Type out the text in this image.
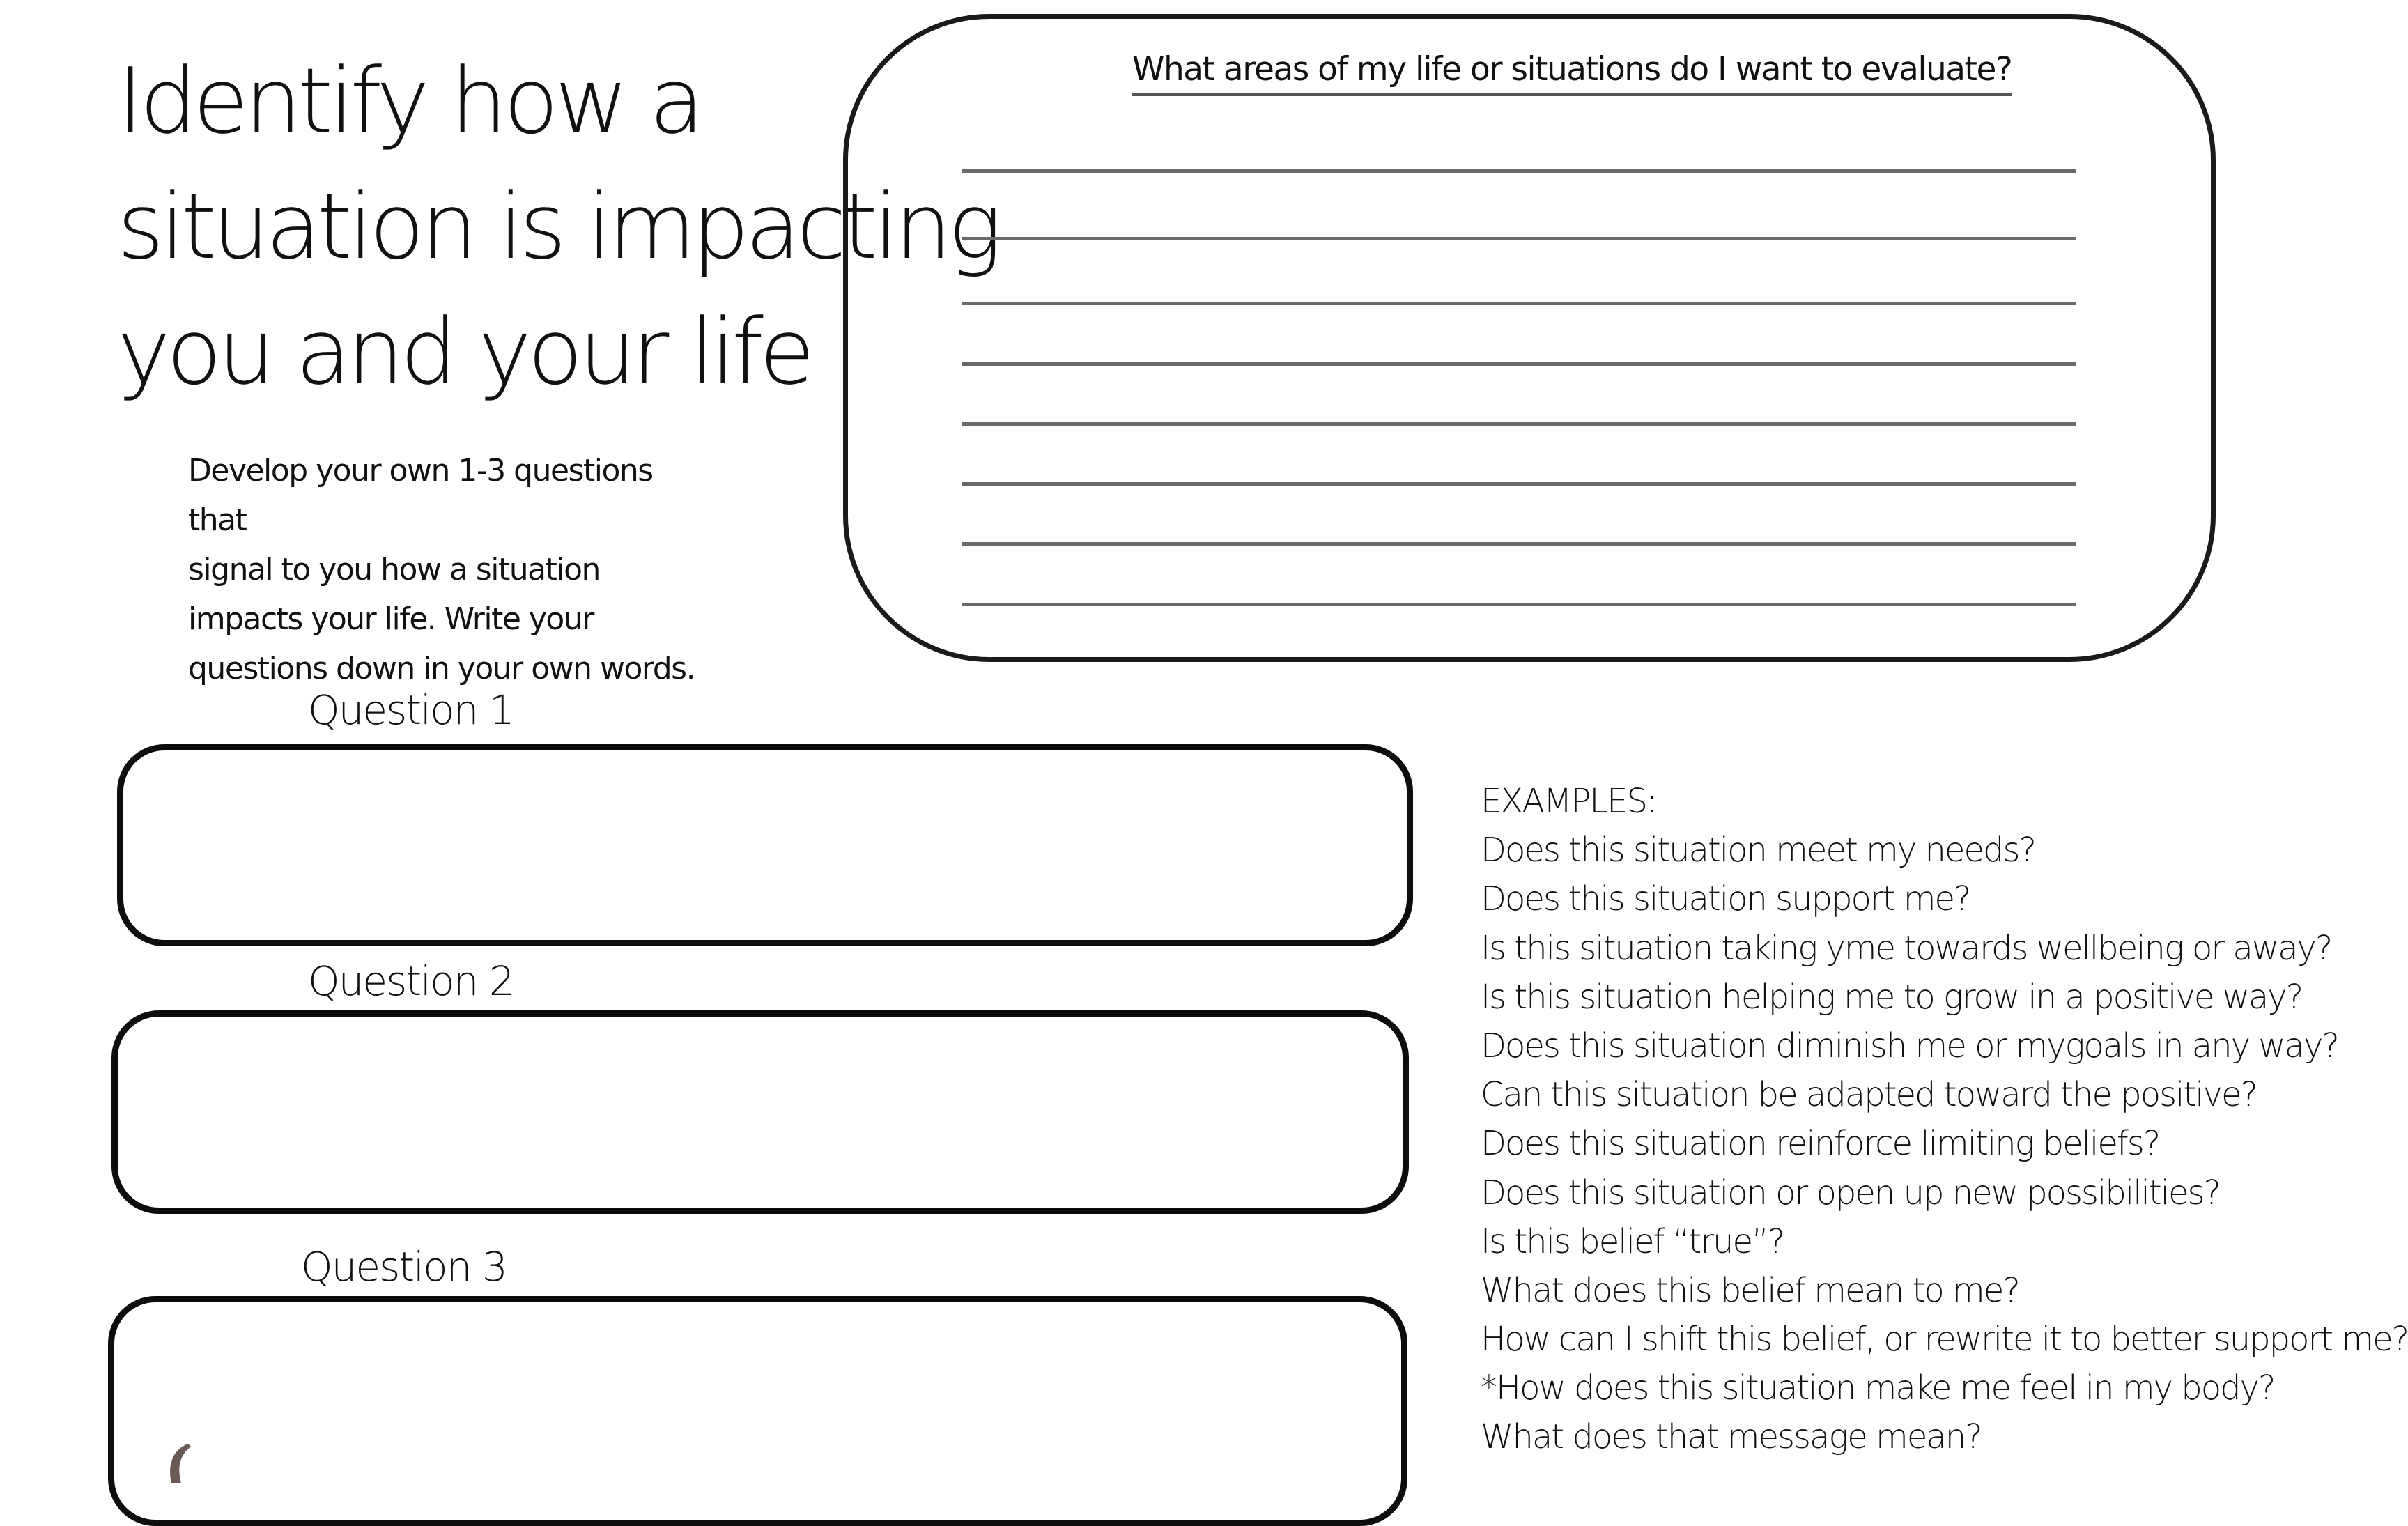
Identify how a
situation is impacting
you and your life
Develop your own 1-3 questions that
signal to you how a situation
impacts your life. Write your
questions down in your own words.
What areas of my life or situations do I want to evaluate?
Question 1
Question 2
Question 3
EXAMPLES:
Does this situation meet my needs?
Does this situation support me?
Is this situation taking yme towards wellbeing or away?
Is this situation helping me to grow in a positive way?
Does this situation diminish me or mygoals in any way?
Can this situation be adapted toward the positive?
Does this situation reinforce limiting beliefs?
Does this situation or open up new possibilities?
Is this belief “true”?
What does this belief mean to me?
How can I shift this belief, or rewrite it to better support me?
*How does this situation make me feel in my body?
What does that message mean?
